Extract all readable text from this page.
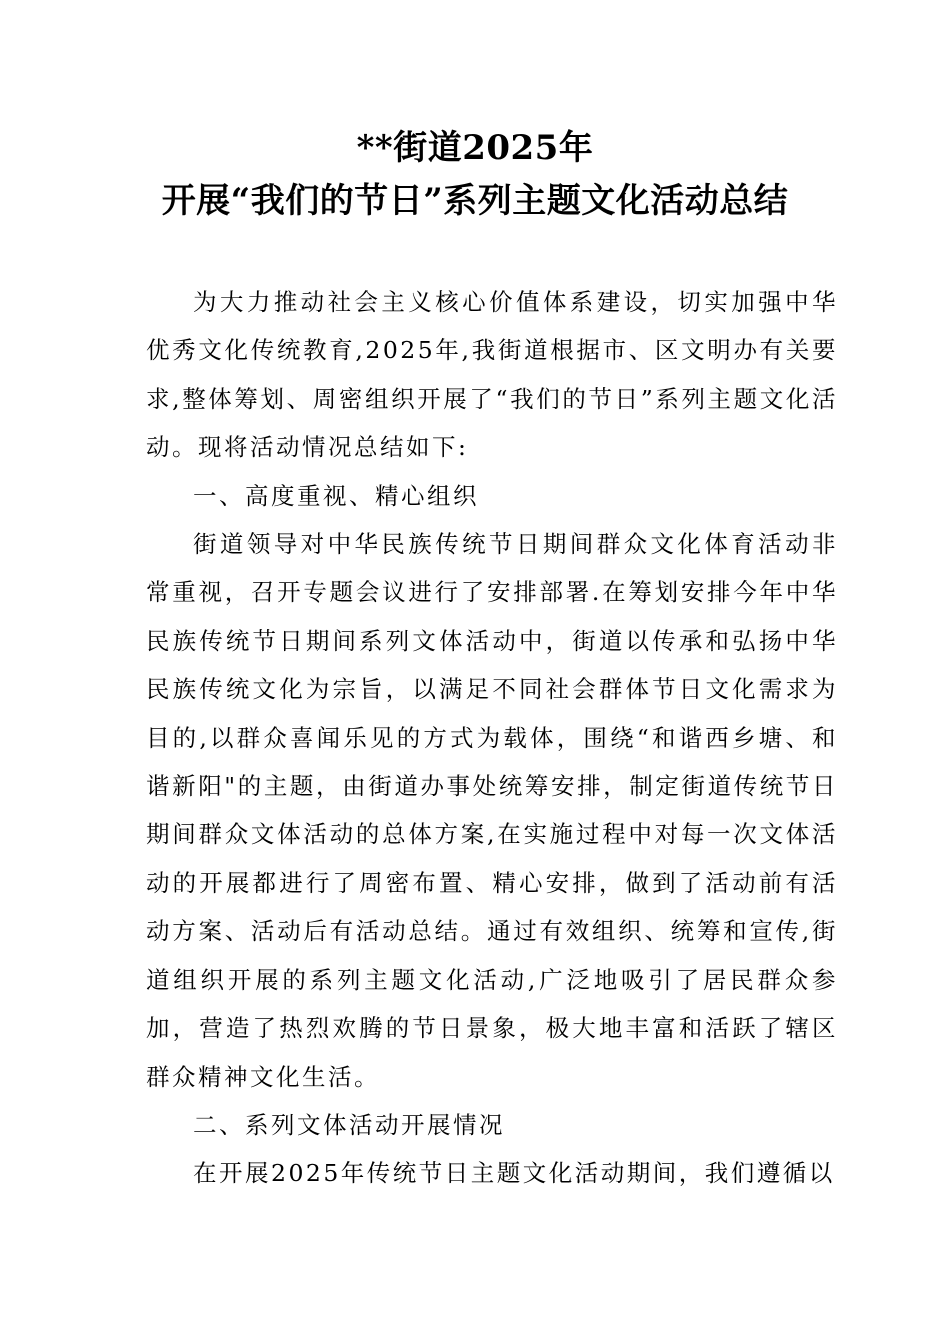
**街道2025年
开展“我们的节日”系列主题文化活动总结

为大力推动社会主义核心价值体系建设，切实加强中华优秀文化传统教育,2025年,我街道根据市、区文明办有关要求,整体筹划、周密组织开展了“我们的节日”系列主题文化活动。现将活动情况总结如下:

一、高度重视、精心组织

街道领导对中华民族传统节日期间群众文化体育活动非常重视，召开专题会议进行了安排部署.在筹划安排今年中华民族传统节日期间系列文体活动中，街道以传承和弘扬中华民族传统文化为宗旨，以满足不同社会群体节日文化需求为目的,以群众喜闻乐见的方式为载体，围绕“和谐西乡塘、和谐新阳"的主题，由街道办事处统筹安排，制定街道传统节日期间群众文体活动的总体方案,在实施过程中对每一次文体活动的开展都进行了周密布置、精心安排，做到了活动前有活动方案、活动后有活动总结。通过有效组织、统筹和宣传,街道组织开展的系列主题文化活动,广泛地吸引了居民群众参加，营造了热烈欢腾的节日景象，极大地丰富和活跃了辖区群众精神文化生活。

二、系列文体活动开展情况

在开展2025年传统节日主题文化活动期间，我们遵循以
